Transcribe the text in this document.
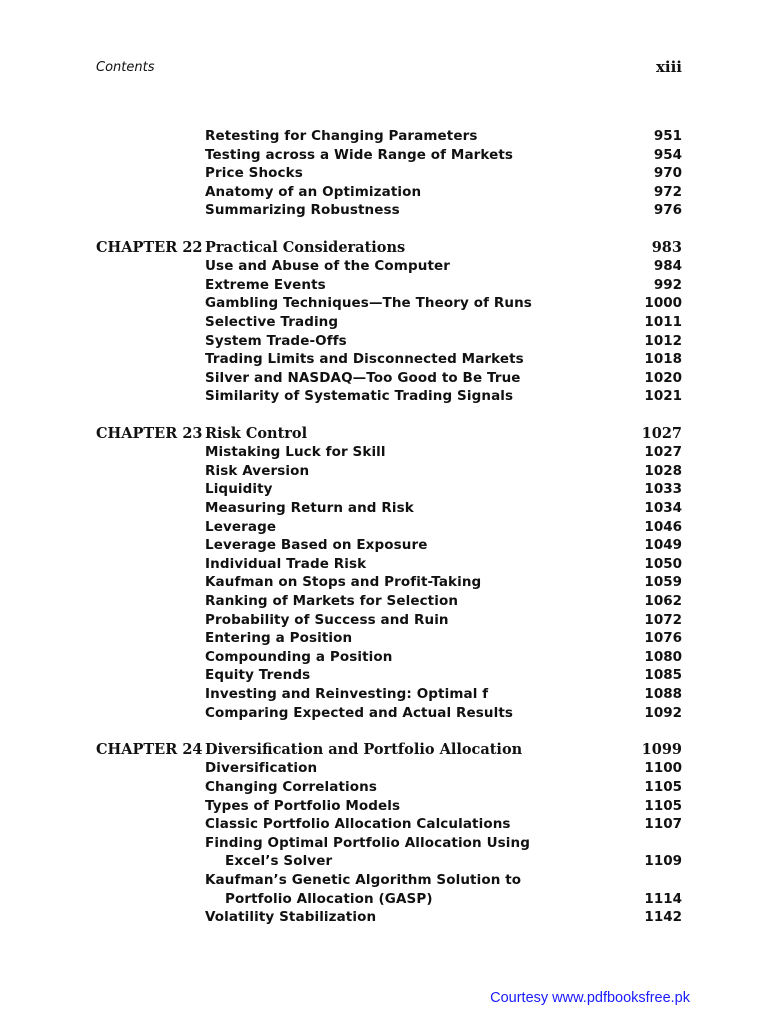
Contents	xiii
Retesting for Changing Parameters	951
Testing across a Wide Range of Markets	954
Price Shocks	970
Anatomy of an Optimization	972
Summarizing Robustness	976
CHAPTER 22 Practical Considerations	983
Use and Abuse of the Computer	984
Extreme Events	992
Gambling Techniques—The Theory of Runs	1000
Selective Trading	1011
System Trade-Offs	1012
Trading Limits and Disconnected Markets	1018
Silver and NASDAQ—Too Good to Be True	1020
Similarity of Systematic Trading Signals	1021
CHAPTER 23 Risk Control	1027
Mistaking Luck for Skill	1027
Risk Aversion	1028
Liquidity	1033
Measuring Return and Risk	1034
Leverage	1046
Leverage Based on Exposure	1049
Individual Trade Risk	1050
Kaufman on Stops and Profit-Taking	1059
Ranking of Markets for Selection	1062
Probability of Success and Ruin	1072
Entering a Position	1076
Compounding a Position	1080
Equity Trends	1085
Investing and Reinvesting: Optimal f	1088
Comparing Expected and Actual Results	1092
CHAPTER 24 Diversification and Portfolio Allocation	1099
Diversification	1100
Changing Correlations	1105
Types of Portfolio Models	1105
Classic Portfolio Allocation Calculations	1107
Finding Optimal Portfolio Allocation Using
Excel’s Solver	1109
Kaufman’s Genetic Algorithm Solution to
Portfolio Allocation (GASP)	1114
Volatility Stabilization	1142
Courtesy www.pdfbooksfree.pk
